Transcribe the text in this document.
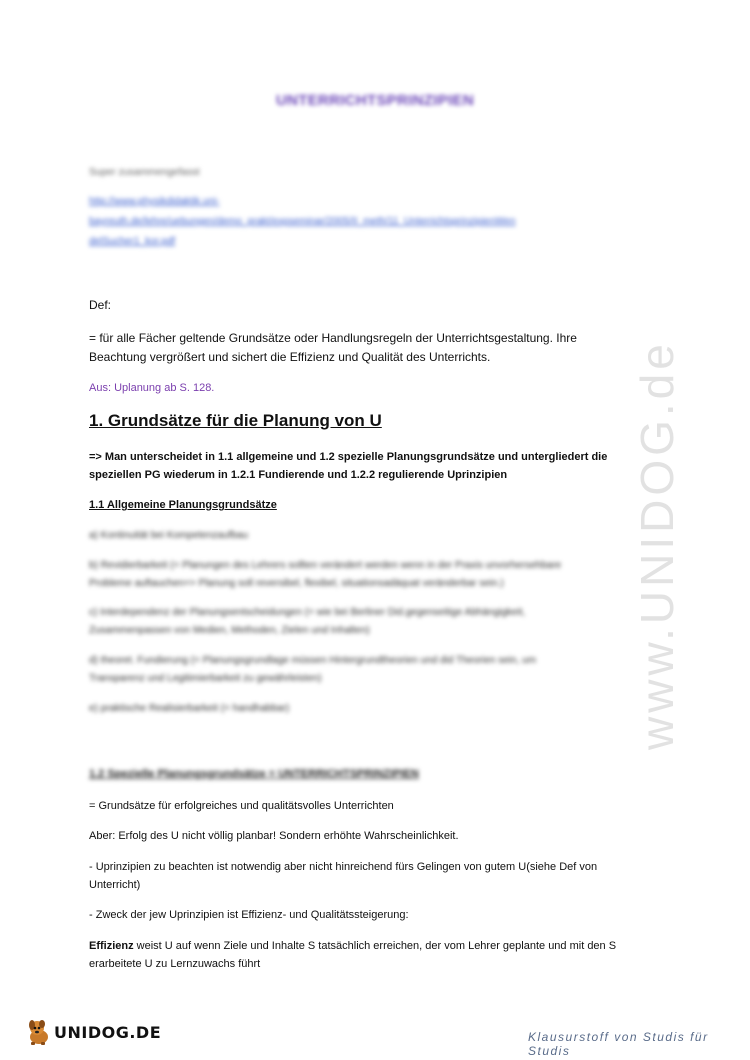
UNTERRICHTSPRINZIPIEN
Super zusammengefasst
http://www.physikdidaktik.uni-
bayreuth.de/lehre/uebungen/demo_prakt/expseminar/2005/II_meth/11_UnterrichtsprinzipienWen
delSucher1_kor.pdf
Def:
= für alle Fächer geltende Grundsätze oder Handlungsregeln der Unterrichtsgestaltung. Ihre
Beachtung vergrößert und sichert die Effizienz und Qualität des Unterrichts.
Aus: Uplanung ab S. 128.
1. Grundsätze für die Planung von U
=> Man unterscheidet in 1.1 allgemeine und 1.2 spezielle Planungsgrundsätze und untergliedert die
speziellen PG wiederum in 1.2.1 Fundierende und 1.2.2 regulierende Uprinzipien
1.1 Allgemeine Planungsgrundsätze
a) Kontinuität bei Kompetenzaufbau
b) Revidierbarkeit (= Planungen des Lehrers sollten verändert werden wenn in der Praxis unvorhersehbare
Probleme auftauchen=> Planung soll reversibel, flexibel, situationsadäquat veränderbar sein.)
c) Interdependenz der Planungsentscheidungen (= wie bei Berliner Did.gegenseitige Abhängigkeit,
Zusammenpassen von Medien, Methoden, Zielen und Inhalten)
d) theoret. Fundierung (= Planungsgrundlage müssen Hintergrundtheorien und did Theorien sein, um
Transparenz und Legitimierbarkeit zu gewährleisten)
e) praktische Realisierbarkeit (= handhabbar)
1.2 Spezielle Planungsgrundsätze = UNTERRICHTSPRINZIPIEN
= Grundsätze für erfolgreiches und qualitätsvolles Unterrichten
Aber: Erfolg des U nicht völlig planbar! Sondern erhöhte Wahrscheinlichkeit.
- Uprinzipien zu beachten ist notwendig aber nicht hinreichend fürs Gelingen von gutem U(siehe Def von
Unterricht)
- Zweck der jew Uprinzipien ist Effizienz- und Qualitätssteigerung:
Effizienz weist U auf wenn Ziele und Inhalte S tatsächlich erreichen, der vom Lehrer geplante und mit den S
erarbeitete U zu Lernzuwachs führt
www.UNIDOG.de
UNIDOG.DE	Klausurstoff von Studis für Studis
